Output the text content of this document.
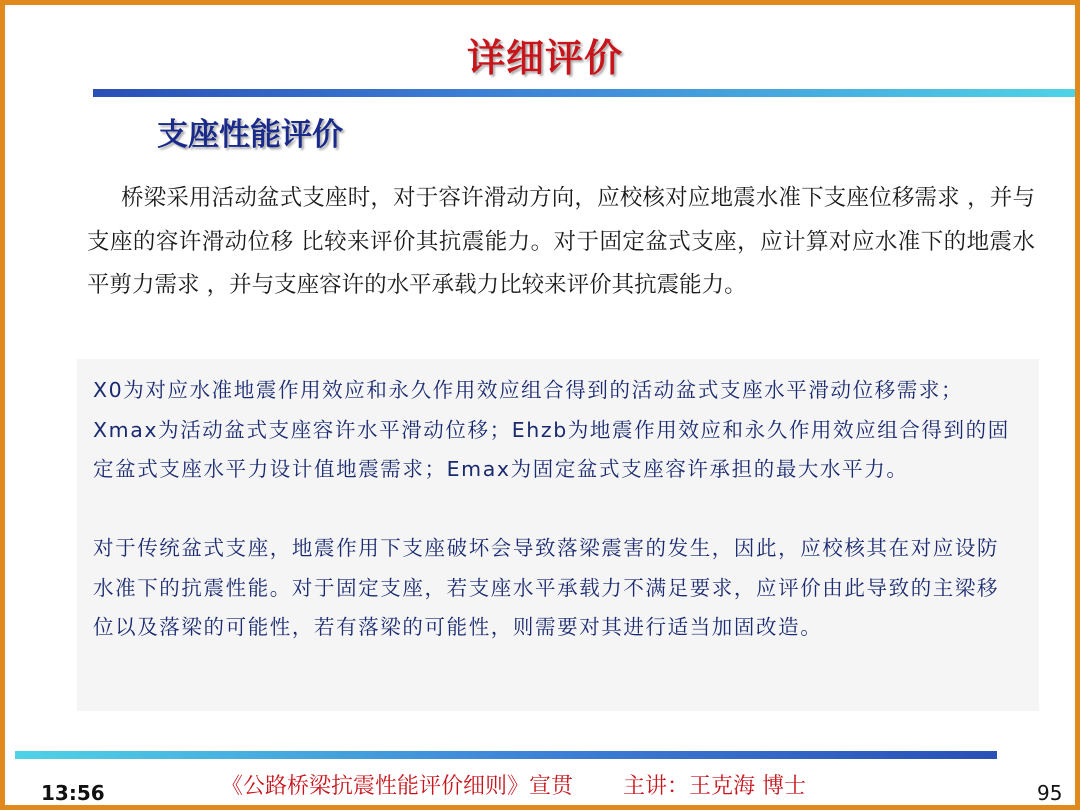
详细评价
支座性能评价

桥梁采用活动盆式支座时，对于容许滑动方向，应校核对应地震水准下支座位移需求 ，并与支座的容许滑动位移 比较来评价其抗震能力。对于固定盆式支座，应计算对应水准下的地震水平剪力需求 ，并与支座容许的水平承载力比较来评价其抗震能力。

X0为对应水准地震作用效应和永久作用效应组合得到的活动盆式支座水平滑动位移需求；Xmax为活动盆式支座容许水平滑动位移；Ehzb为地震作用效应和永久作用效应组合得到的固定盆式支座水平力设计值地震需求；Emax为固定盆式支座容许承担的最大水平力。

对于传统盆式支座，地震作用下支座破坏会导致落梁震害的发生，因此，应校核其在对应设防水准下的抗震性能。对于固定支座，若支座水平承载力不满足要求，应评价由此导致的主梁移位以及落梁的可能性，若有落梁的可能性，则需要对其进行适当加固改造。

13:56	《公路桥梁抗震性能评价细则》宣贯 主讲：王克海 博士	95
